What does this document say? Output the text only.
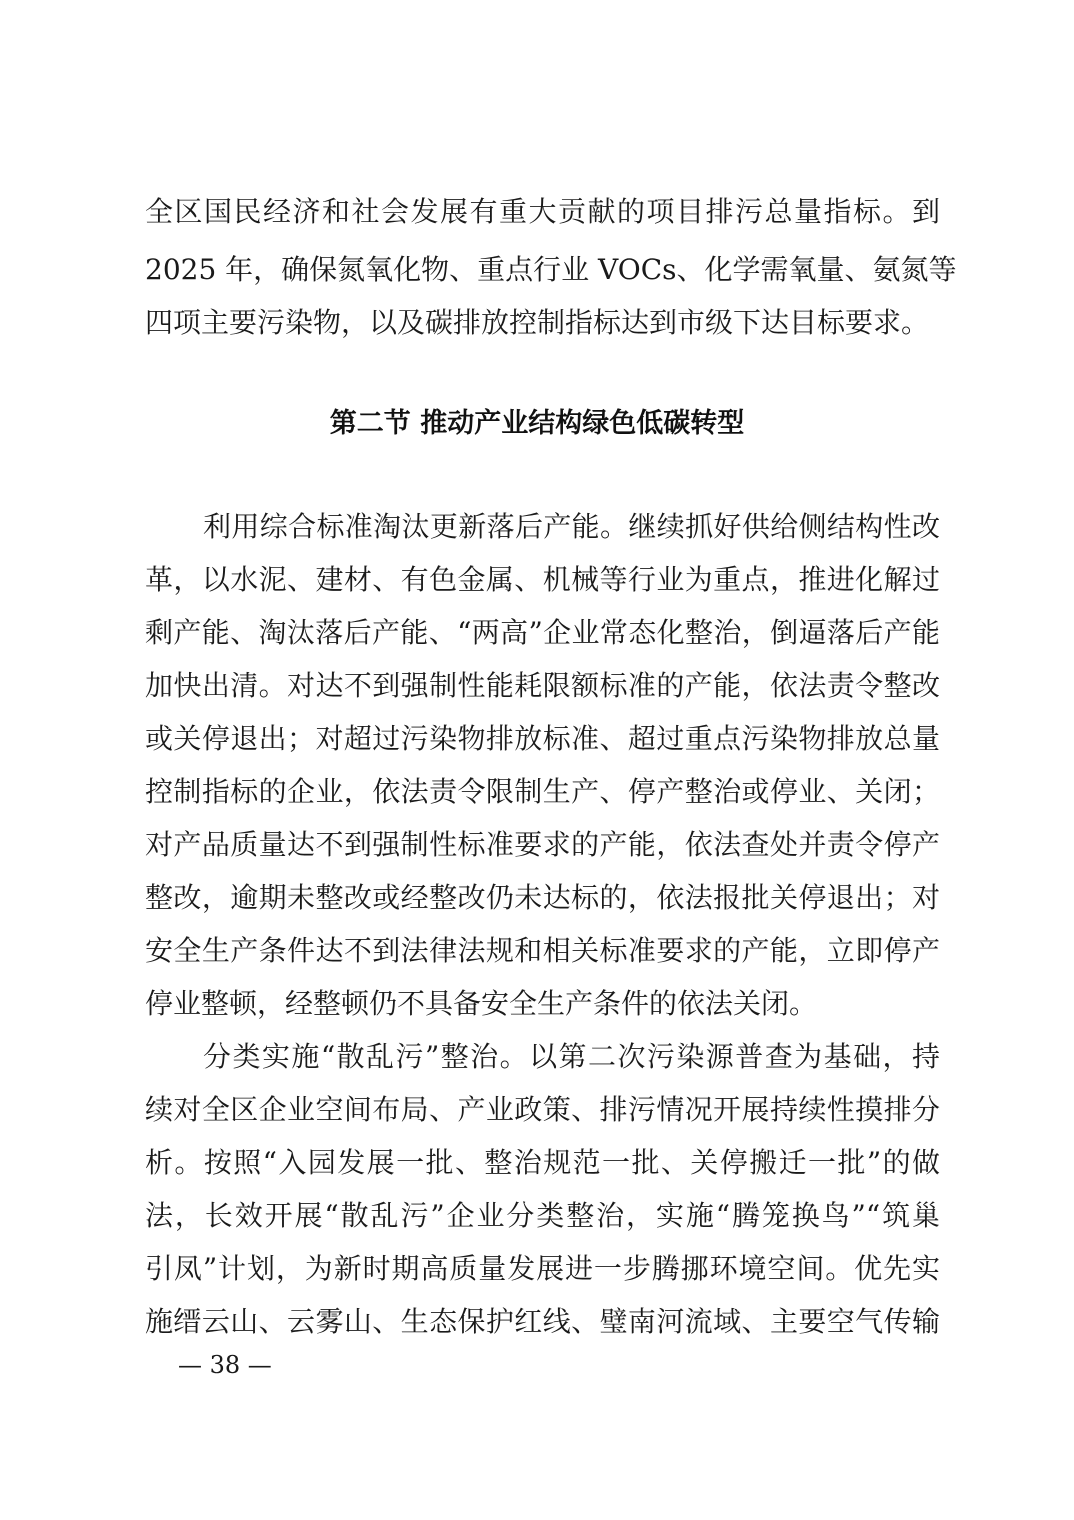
全区国民经济和社会发展有重大贡献的项目排污总量指标。到
2025 年，确保氮氧化物、重点行业 VOCs、化学需氧量、氨氮等
四项主要污染物，以及碳排放控制指标达到市级下达目标要求。
第二节 推动产业结构绿色低碳转型
利用综合标准淘汰更新落后产能。继续抓好供给侧结构性改
革，以水泥、建材、有色金属、机械等行业为重点，推进化解过
剩产能、淘汰落后产能、“两高”企业常态化整治，倒逼落后产能
加快出清。对达不到强制性能耗限额标准的产能，依法责令整改
或关停退出；对超过污染物排放标准、超过重点污染物排放总量
控制指标的企业，依法责令限制生产、停产整治或停业、关闭；
对产品质量达不到强制性标准要求的产能，依法查处并责令停产
整改，逾期未整改或经整改仍未达标的，依法报批关停退出；对
安全生产条件达不到法律法规和相关标准要求的产能，立即停产
停业整顿，经整顿仍不具备安全生产条件的依法关闭。
分类实施“散乱污”整治。以第二次污染源普查为基础，持
续对全区企业空间布局、产业政策、排污情况开展持续性摸排分
析。按照“入园发展一批、整治规范一批、关停搬迁一批”的做
法，长效开展“散乱污”企业分类整治，实施“腾笼换鸟”“筑巢
引凤”计划，为新时期高质量发展进一步腾挪环境空间。优先实
施缙云山、云雾山、生态保护红线、璧南河流域、主要空气传输
— 38 —
